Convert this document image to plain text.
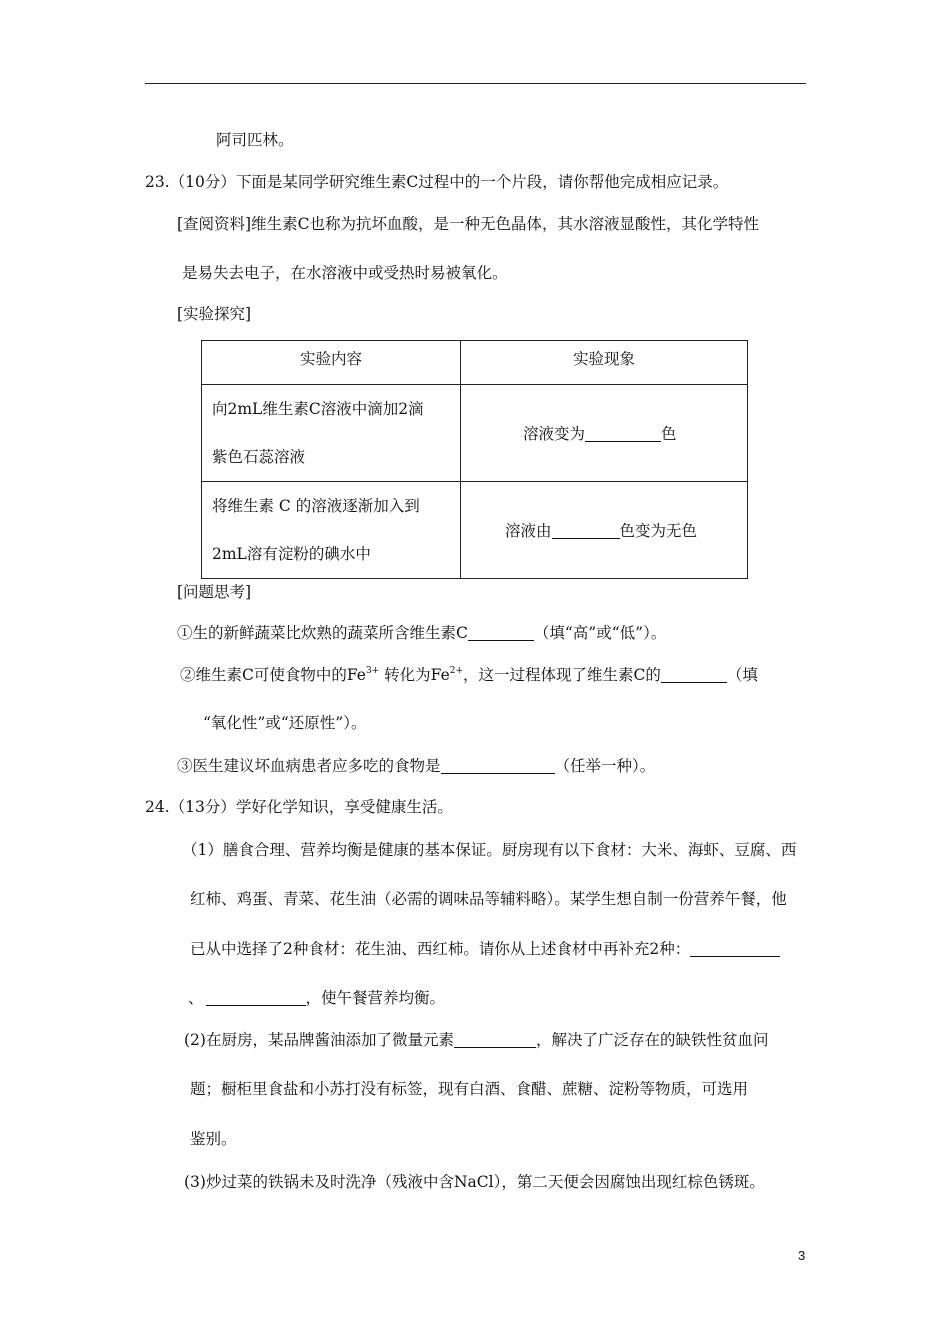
阿司匹林。
23.（10分）下面是某同学研究维生素C过程中的一个片段，请你帮他完成相应记录。
[查阅资料]维生素C也称为抗坏血酸，是一种无色晶体，其水溶液显酸性，其化学特性
是易失去电子，在水溶液中或受热时易被氧化。
[实验探究]
实验内容	实验现象

向2mL维生素C溶液中滴加2滴
紫色石蕊溶液	溶液变为 色

将维生素 C 的溶液逐渐加入到
2mL溶有淀粉的碘水中	溶液由 色变为无色
[问题思考]
①生的新鲜蔬菜比炊熟的蔬菜所含维生素C	（填“高”或“低”）。
②维生素C可使食物中的$Fe^{3+}$ 转化为$Fe^{2+}$，这一过程体现了维生素C的	（填
“氧化性”或“还原性”）。
③医生建议坏血病患者应多吃的食物是	（任举一种）。
24.（13分）学好化学知识，享受健康生活。
（1）膳食合理、营养均衡是健康的基本保证。厨房现有以下食材：大米、海虾、豆腐、西
红柿、鸡蛋、青菜、花生油（必需的调味品等辅料略）。某学生想自制一份营养午餐，他
已从中选择了2种食材：花生油、西红柿。请你从上述食材中再补充2种：
、	，使午餐营养均衡。
(2)在厨房，某品牌酱油添加了微量元素	，解决了广泛存在的缺铁性贫血问
题；橱柜里食盐和小苏打没有标签，现有白酒、食醋、蔗糖、淀粉等物质，可选用
鉴别。
(3)炒过菜的铁锅未及时洗净（残液中含NaCl），第二天便会因腐蚀出现红棕色锈斑。
3
